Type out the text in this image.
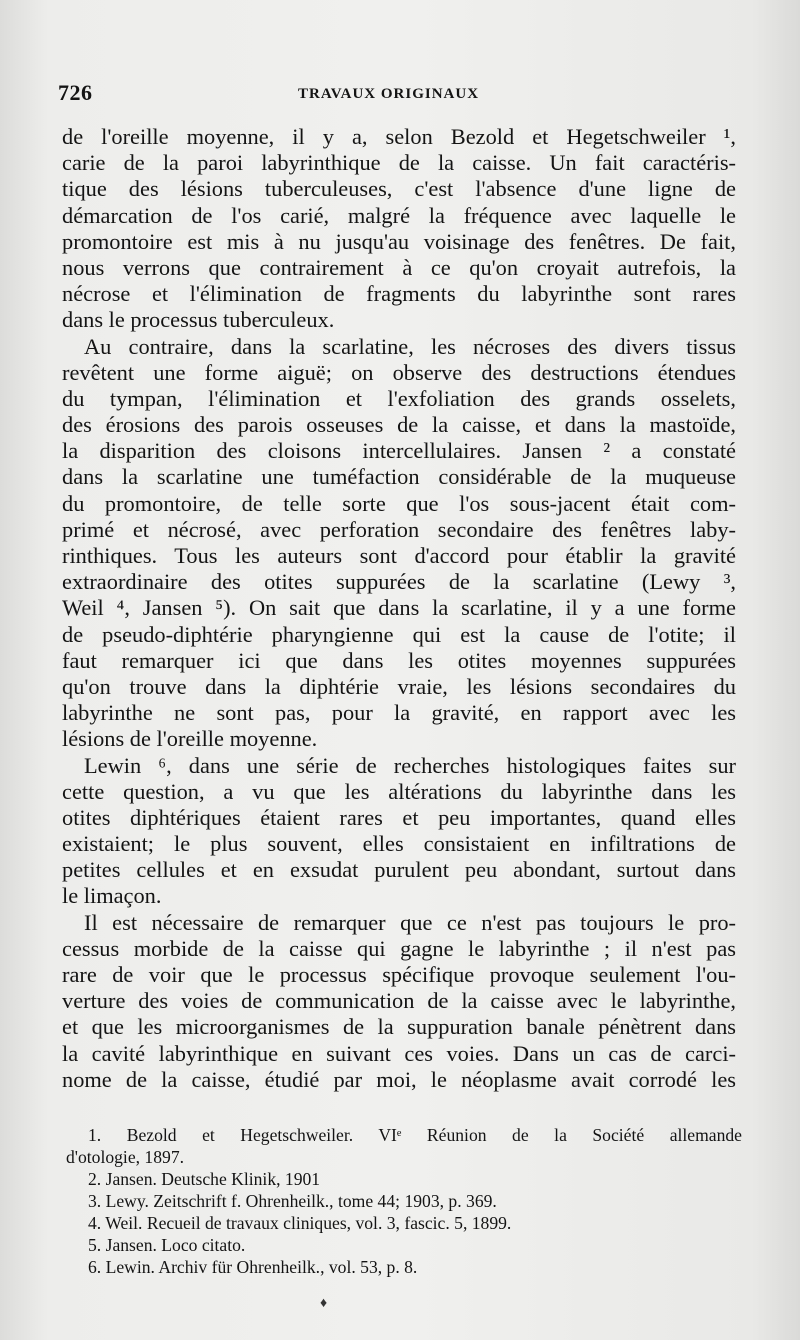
726	TRAVAUX ORIGINAUX
de l'oreille moyenne, il y a, selon Bezold et Hegetschweiler ¹,
carie de la paroi labyrinthique de la caisse. Un fait caractéris-
tique des lésions tuberculeuses, c'est l'absence d'une ligne de
démarcation de l'os carié, malgré la fréquence avec laquelle le
promontoire est mis à nu jusqu'au voisinage des fenêtres. De fait,
nous verrons que contrairement à ce qu'on croyait autrefois, la
nécrose et l'élimination de fragments du labyrinthe sont rares
dans le processus tuberculeux.
Au contraire, dans la scarlatine, les nécroses des divers tissus
revêtent une forme aiguë; on observe des destructions étendues
du tympan, l'élimination et l'exfoliation des grands osselets,
des érosions des parois osseuses de la caisse, et dans la mastoïde,
la disparition des cloisons intercellulaires. Jansen ² a constaté
dans la scarlatine une tuméfaction considérable de la muqueuse
du promontoire, de telle sorte que l'os sous-jacent était com-
primé et nécrosé, avec perforation secondaire des fenêtres laby-
rinthiques. Tous les auteurs sont d'accord pour établir la gravité
extraordinaire des otites suppurées de la scarlatine (Lewy ³,
Weil ⁴, Jansen ⁵). On sait que dans la scarlatine, il y a une forme
de pseudo-diphtérie pharyngienne qui est la cause de l'otite; il
faut remarquer ici que dans les otites moyennes suppurées
qu'on trouve dans la diphtérie vraie, les lésions secondaires du
labyrinthe ne sont pas, pour la gravité, en rapport avec les
lésions de l'oreille moyenne.
Lewin ⁶, dans une série de recherches histologiques faites sur
cette question, a vu que les altérations du labyrinthe dans les
otites diphtériques étaient rares et peu importantes, quand elles
existaient; le plus souvent, elles consistaient en infiltrations de
petites cellules et en exsudat purulent peu abondant, surtout dans
le limaçon.
Il est nécessaire de remarquer que ce n'est pas toujours le pro-
cessus morbide de la caisse qui gagne le labyrinthe ; il n'est pas
rare de voir que le processus spécifique provoque seulement l'ou-
verture des voies de communication de la caisse avec le labyrinthe,
et que les microorganismes de la suppuration banale pénètrent dans
la cavité labyrinthique en suivant ces voies. Dans un cas de carci-
nome de la caisse, étudié par moi, le néoplasme avait corrodé les
1. Bezold et Hegetschweiler. VIᵉ Réunion de la Société allemande
d'otologie, 1897.
2. Jansen. Deutsche Klinik, 1901
3. Lewy. Zeitschrift f. Ohrenheilk., tome 44; 1903, p. 369.
4. Weil. Recueil de travaux cliniques, vol. 3, fascic. 5, 1899.
5. Jansen. Loco citato.
6. Lewin. Archiv für Ohrenheilk., vol. 53, p. 8.
♦
